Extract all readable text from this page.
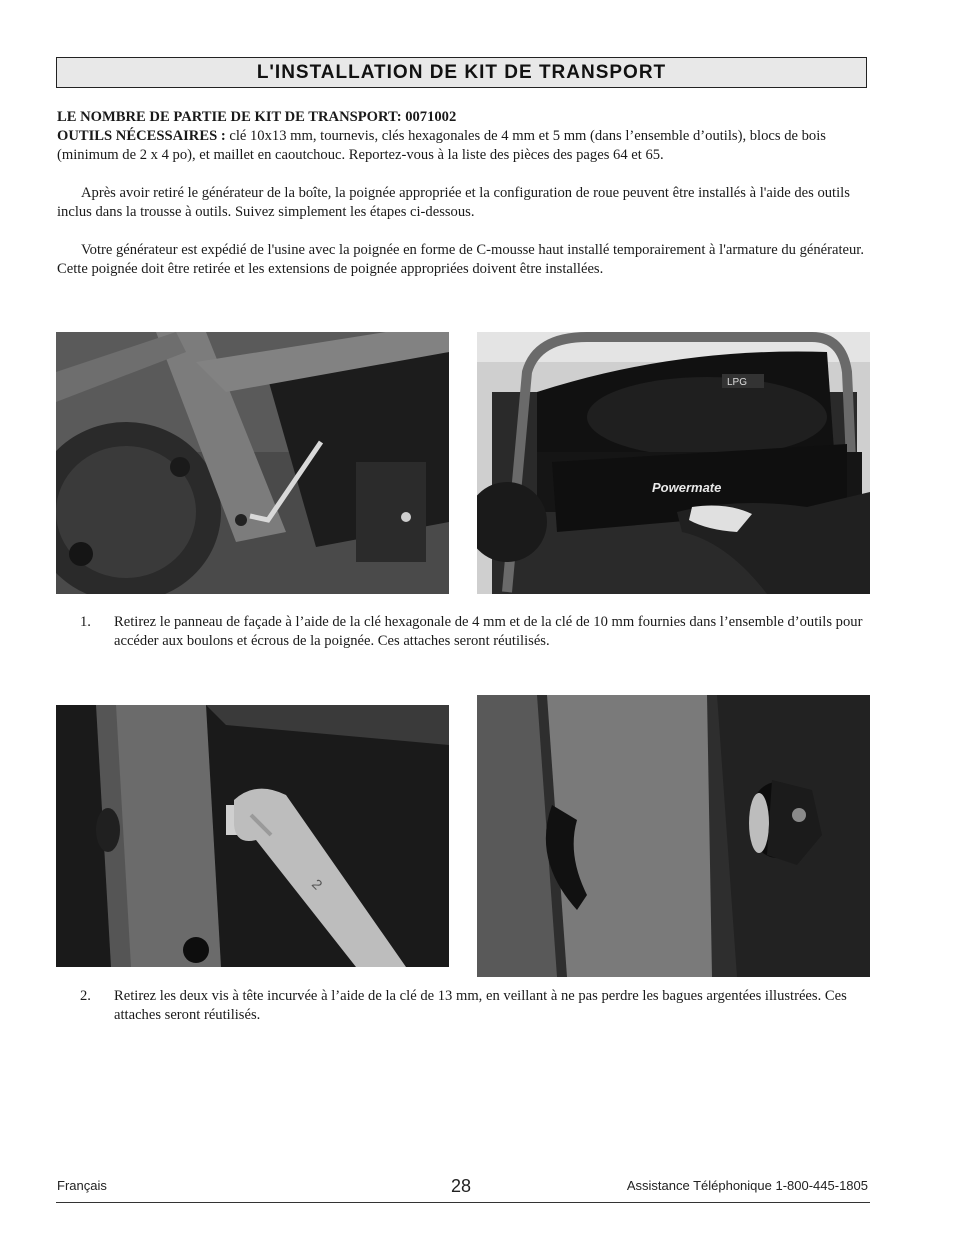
L'INSTALLATION DE KIT DE TRANSPORT

LE NOMBRE DE PARTIE DE KIT DE TRANSPORT: 0071002

OUTILS NÉCESSAIRES : clé 10x13 mm, tournevis, clés hexagonales de 4 mm et 5 mm (dans l’ensemble d’outils), blocs de bois (minimum de 2 x 4 po), et maillet en caoutchouc. Reportez-vous à la liste des pièces des pages 64 et 65.

Après avoir retiré le générateur de la boîte, la poignée appropriée et la configuration de roue peuvent être installés à l'aide des outils inclus dans la trousse à outils. Suivez simplement les étapes ci-dessous.

Votre générateur est expédié de l'usine avec la poignée en forme de C-mousse haut installé temporairement à l'armature du générateur. Cette poignée doit être retirée et les extensions de poignée appropriées doivent être installées.

LPG
Powermate
1.	Retirez le panneau de façade à l’aide de la clé hexagonale de 4 mm et de la clé de 10 mm fournies dans l’ensemble d’outils pour accéder aux boulons et écrous de la poignée. Ces attaches seront réutilisés.
2
2.	Retirez les deux vis à tête incurvée à l’aide de la clé de 13 mm, en veillant à ne pas perdre les bagues argentées illustrées. Ces attaches seront réutilisés.
Français	28	Assistance Téléphonique 1-800-445-1805
